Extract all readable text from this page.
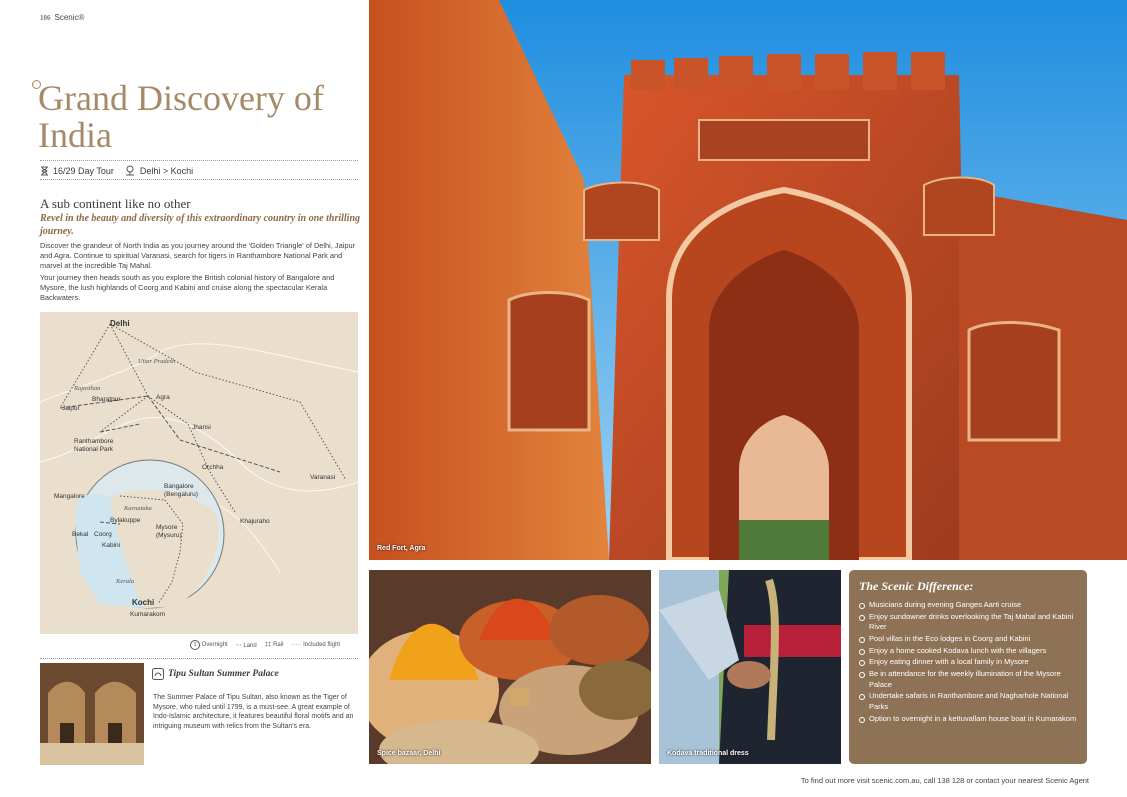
106 Scenic®
Grand Discovery of India
16/29 Day Tour	Delhi > Kochi
A sub continent like no other

Revel in the beauty and diversity of this extraordinary country in one thrilling journey.

Discover the grandeur of North India as you journey around the 'Golden Triangle' of Delhi, Jaipur and Agra. Continue to spiritual Varanasi, search for tigers in Ranthambore National Park and marvel at the incredible Taj Mahal.

Your journey then heads south as you explore the British colonial history of Bangalore and Mysore, the lush highlands of Coorg and Kabini and cruise along the spectacular Kerala Backwaters.

Delhi
Jaipur
Agra
Bharatpur
Ranthambore National Park
Jhansi
Orchha
Varanasi
Khajuraho
Mangalore
Bangalore (Bengaluru)
Bylakuppe
Mysore (Mysuru)
Bekal Coorg
Kabini
Kochi
Kumarakom
Uttar Pradesh
Rajasthan
Karnataka
Kerala
1 Overnight ⋯ Land ‡‡ Rail ····· Included flight
Red Fort, Agra
Spice bazaar, Delhi	Kodava traditional dress
The Scenic Difference:
Musicians during evening Ganges Aarti cruise
Enjoy sundowner drinks overlooking the Taj Mahal and Kabini River
Pool villas in the Eco lodges in Coorg and Kabini
Enjoy a home cooked Kodava lunch with the villagers
Enjoy eating dinner with a local family in Mysore
Be in attendance for the weekly illumination of the Mysore Palace
Undertake safaris in Ranthambore and Nagharhole National Parks
Option to overnight in a kettuvallam house boat in Kumarakom
Tipu Sultan Summer Palace

The Summer Palace of Tipu Sultan, also known as the Tiger of Mysore, who ruled until 1799, is a must-see. A great example of Indo-Islamic architecture, it features beautiful floral motifs and an intriguing museum with relics from the Sultan's era.

To find out more visit scenic.com.au, call 138 128 or contact your nearest Scenic Agent
